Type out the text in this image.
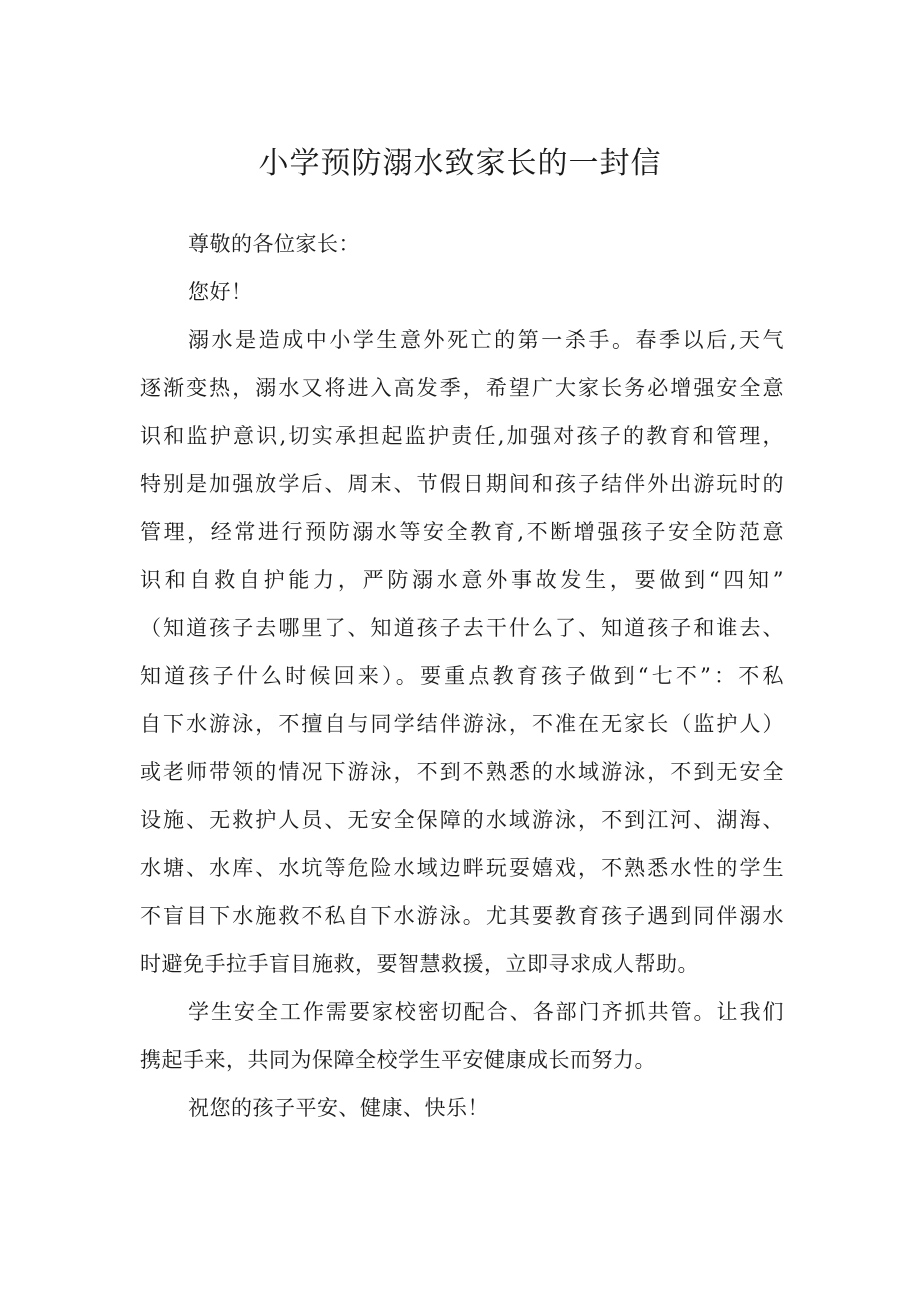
小学预防溺水致家长的一封信
尊敬的各位家长：
您好！
溺水是造成中小学生意外死亡的第一杀手。春季以后,天气
逐渐变热，溺水又将进入高发季，希望广大家长务必增强安全意
识和监护意识,切实承担起监护责任,加强对孩子的教育和管理，
特别是加强放学后、周末、节假日期间和孩子结伴外出游玩时的
管理，经常进行预防溺水等安全教育,不断增强孩子安全防范意
识和自救自护能力，严防溺水意外事故发生，要做到“四知”
（知道孩子去哪里了、知道孩子去干什么了、知道孩子和谁去、
知道孩子什么时候回来）。要重点教育孩子做到“七不”：不私
自下水游泳，不擅自与同学结伴游泳，不准在无家长（监护人）
或老师带领的情况下游泳，不到不熟悉的水域游泳，不到无安全
设施、无救护人员、无安全保障的水域游泳，不到江河、湖海、
水塘、水库、水坑等危险水域边畔玩耍嬉戏，不熟悉水性的学生
不盲目下水施救不私自下水游泳。尤其要教育孩子遇到同伴溺水
时避免手拉手盲目施救，要智慧救援，立即寻求成人帮助。
学生安全工作需要家校密切配合、各部门齐抓共管。让我们
携起手来，共同为保障全校学生平安健康成长而努力。
祝您的孩子平安、健康、快乐！
